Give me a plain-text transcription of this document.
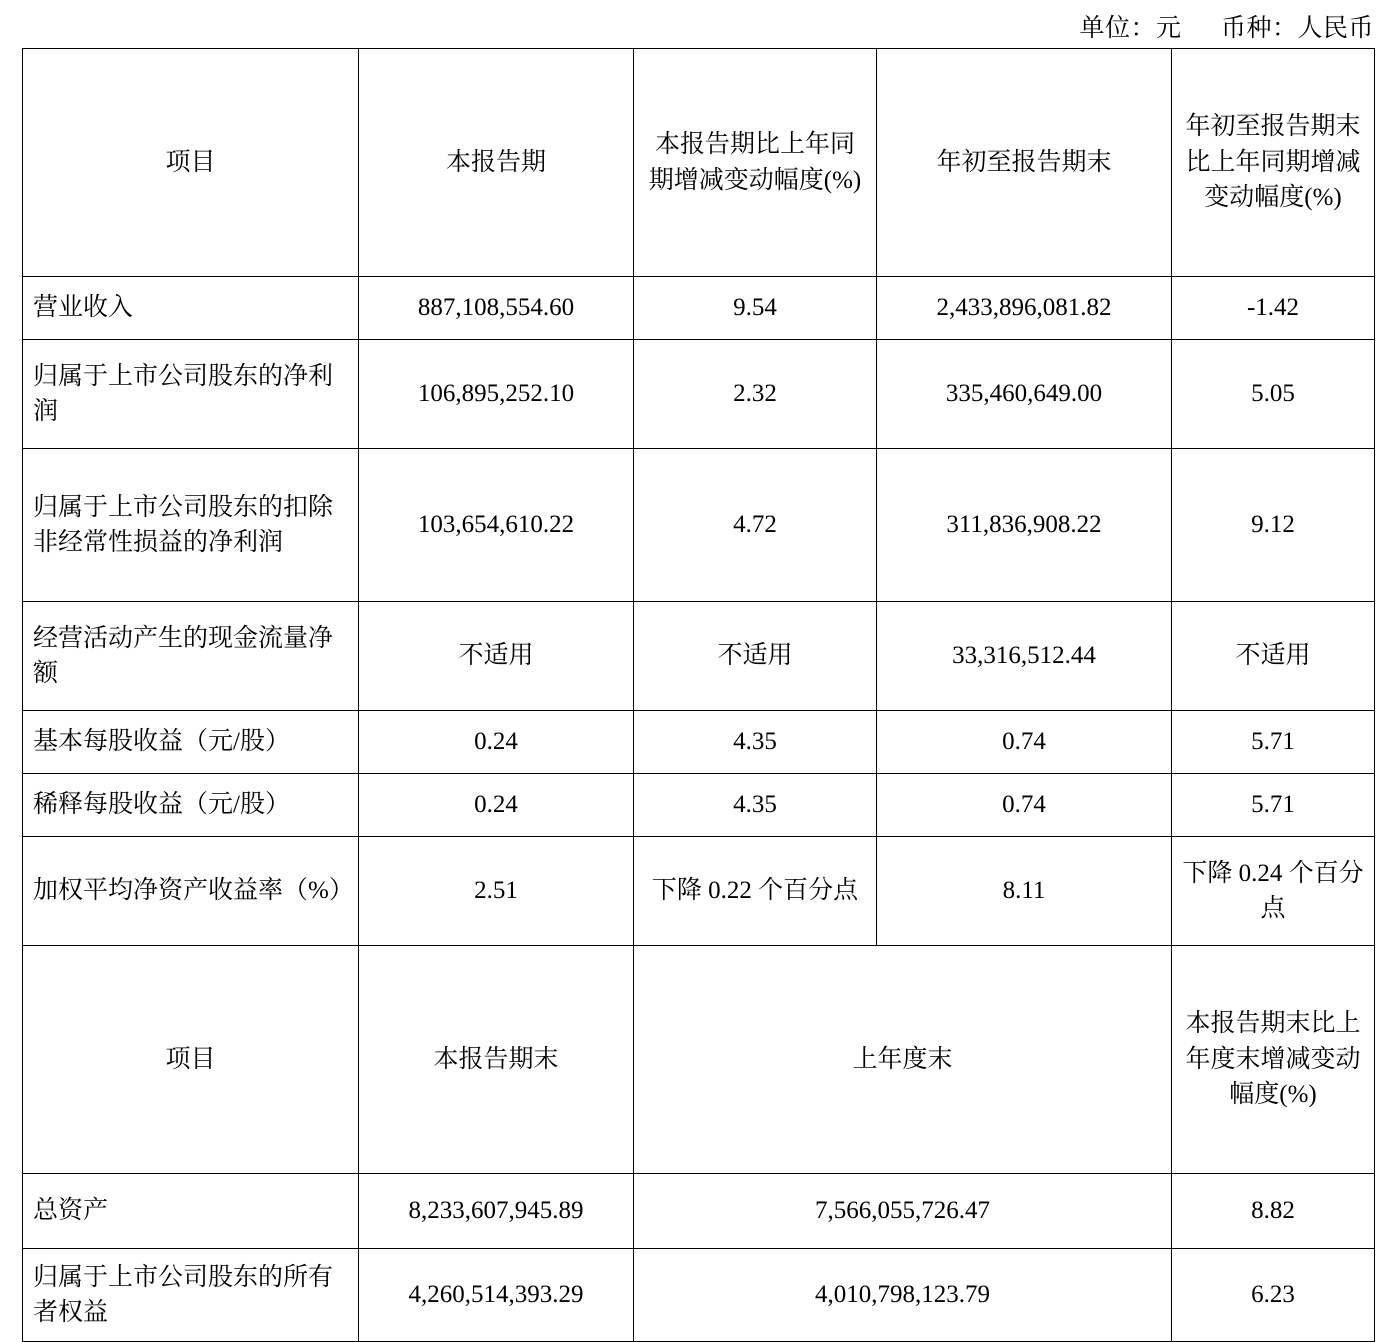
单位：元 币种：人民币
项目	本报告期	本报告期比上年同期增减变动幅度(%)	年初至报告期末	年初至报告期末比上年同期增减变动幅度(%)
营业收入	887,108,554.60	9.54	2,433,896,081.82	-1.42
归属于上市公司股东的净利润	106,895,252.10	2.32	335,460,649.00	5.05
归属于上市公司股东的扣除非经常性损益的净利润	103,654,610.22	4.72	311,836,908.22	9.12
经营活动产生的现金流量净额	不适用	不适用	33,316,512.44	不适用
基本每股收益（元/股）	0.24	4.35	0.74	5.71
稀释每股收益（元/股）	0.24	4.35	0.74	5.71
加权平均净资产收益率（%）	2.51	下降 0.22 个百分点	8.11	下降 0.24 个百分点
项目	本报告期末	上年度末		本报告期末比上年度末增减变动幅度(%)
总资产	8,233,607,945.89	7,566,055,726.47		8.82
归属于上市公司股东的所有者权益	4,260,514,393.29	4,010,798,123.79		6.23
